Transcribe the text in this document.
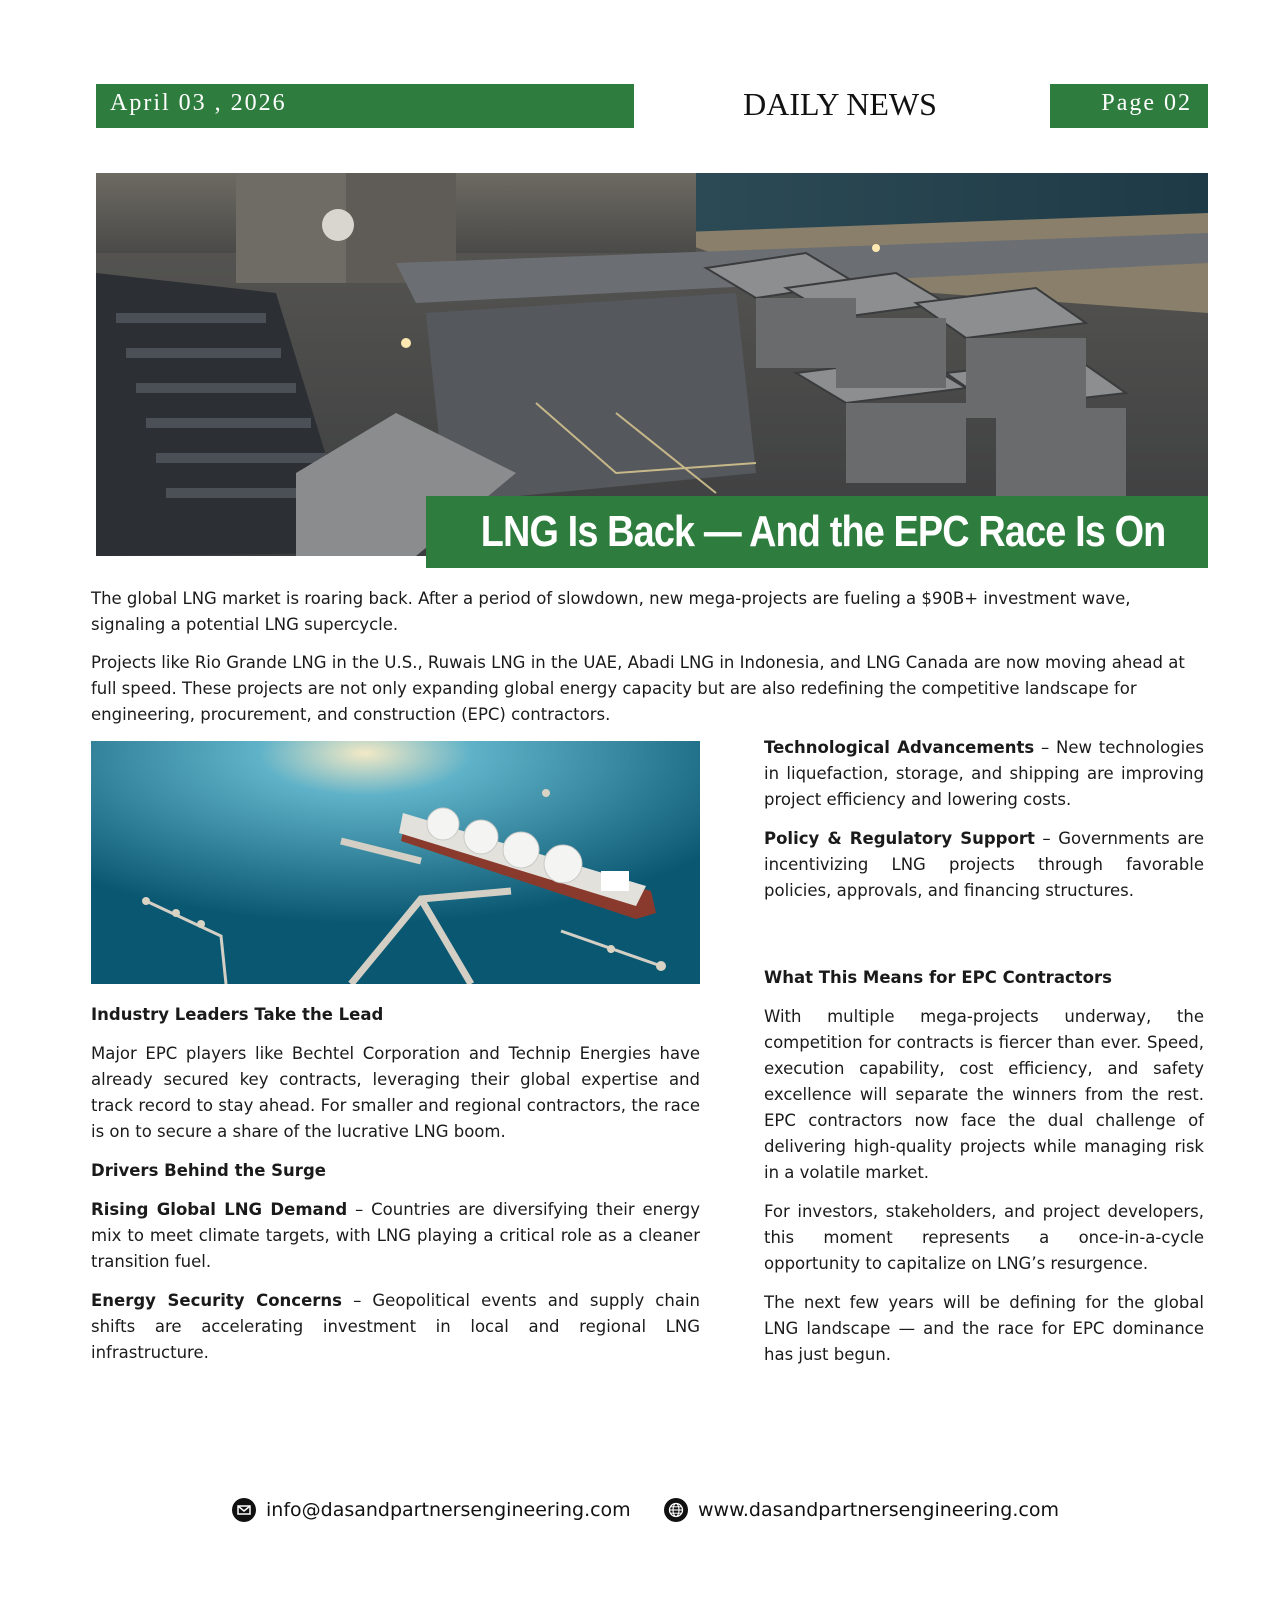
April 03 , 2026	DAILY NEWS	Page 02
LNG Is Back — And the EPC Race Is On

The global LNG market is roaring back. After a period of slowdown, new mega-projects are fueling a $90B+ investment wave, signaling a potential LNG supercycle.

Projects like Rio Grande LNG in the U.S., Ruwais LNG in the UAE, Abadi LNG in Indonesia, and LNG Canada are now moving ahead at full speed. These projects are not only expanding global energy capacity but are also redefining the competitive landscape for engineering, procurement, and construction (EPC) contractors.

Industry Leaders Take the Lead

Major EPC players like Bechtel Corporation and Technip Energies have already secured key contracts, leveraging their global expertise and track record to stay ahead. For smaller and regional contractors, the race is on to secure a share of the lucrative LNG boom.

Drivers Behind the Surge

Rising Global LNG Demand – Countries are diversifying their energy mix to meet climate targets, with LNG playing a critical role as a cleaner transition fuel.

Energy Security Concerns – Geopolitical events and supply chain shifts are accelerating investment in local and regional LNG infrastructure.

Technological Advancements – New technologies in liquefaction, storage, and shipping are improving project efficiency and lowering costs.

Policy & Regulatory Support – Governments are incentivizing LNG projects through favorable policies, approvals, and financing structures.

What This Means for EPC Contractors

With multiple mega-projects underway, the competition for contracts is fiercer than ever. Speed, execution capability, cost efficiency, and safety excellence will separate the winners from the rest. EPC contractors now face the dual challenge of delivering high-quality projects while managing risk in a volatile market.

For investors, stakeholders, and project developers, this moment represents a once-in-a-cycle opportunity to capitalize on LNG’s resurgence.

The next few years will be defining for the global LNG landscape — and the race for EPC dominance has just begun.

info@dasandpartnersengineering.com	www.dasandpartnersengineering.com
